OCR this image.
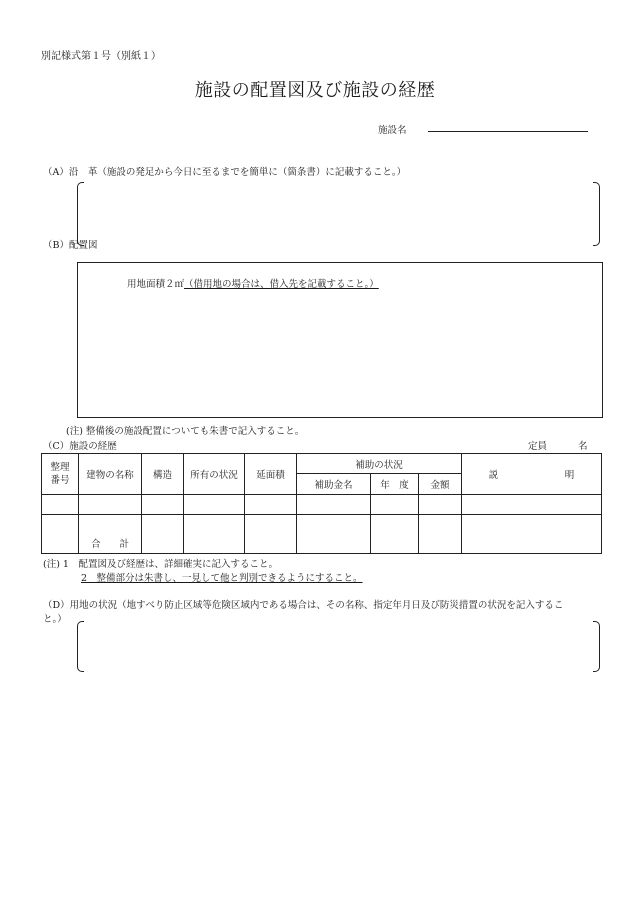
別記様式第１号（別紙１）
施設の配置図及び施設の経歴
施設名
（A）沿　革（施設の発足から今日に至るまでを簡単に（箇条書）に記載すること。）
（B）配置図
用地面積２㎡（借用地の場合は、借入先を記載すること。）
(注) 整備後の施設配置についても朱書で記入すること。
（C）施設の経歴	定員	名
整理
番号	建物の名称	構造	所有の状況	延面積	補助の状況			説　　　　　　　明
					補助金名	年　度	金額	

	合　　計							
(注) 1　配置図及び経歴は、詳細確実に記入すること。
2　整備部分は朱書し、一見して他と判別できるようにすること。
（D）用地の状況（地すべり防止区域等危険区域内である場合は、その名称、指定年月日及び防災措置の状況を記入するこ
と。）
